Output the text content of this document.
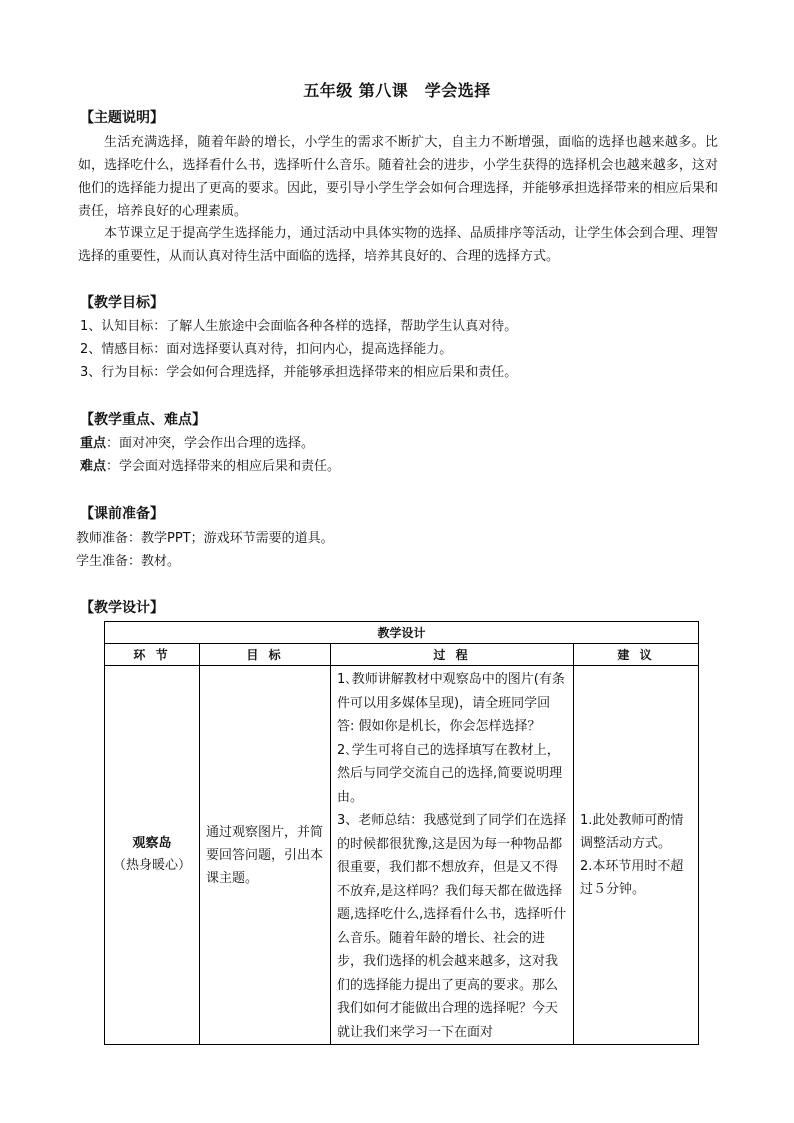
五年级 第八课　学会选择
【主题说明】
生活充满选择，随着年龄的增长，小学生的需求不断扩大，自主力不断增强，面临的选择也越来越多。比如，选择吃什么，选择看什么书，选择听什么音乐。随着社会的进步，小学生获得的选择机会也越来越多，这对他们的选择能力提出了更高的要求。因此，要引导小学生学会如何合理选择，并能够承担选择带来的相应后果和责任，培养良好的心理素质。
本节课立足于提高学生选择能力，通过活动中具体实物的选择、品质排序等活动，让学生体会到合理、理智选择的重要性，从而认真对待生活中面临的选择，培养其良好的、合理的选择方式。
【教学目标】
1、认知目标：了解人生旅途中会面临各种各样的选择，帮助学生认真对待。
2、情感目标：面对选择要认真对待，扣问内心，提高选择能力。
3、行为目标：学会如何合理选择，并能够承担选择带来的相应后果和责任。
【教学重点、难点】
重点：面对冲突，学会作出合理的选择。
难点：学会面对选择带来的相应后果和责任。
【课前准备】
教师准备：教学PPT；游戏环节需要的道具。
学生准备：教材。
【教学设计】
教学设计			
环 节	目 标	过 程	建 议

观察岛
（热身暖心）	通过观察图片，并简要回答问题，引出本课主题。	1､教师讲解教材中观察岛中的图片(有条件可以用多媒体呈现)，请全班同学回答: 假如你是机长，你会怎样选择？
2､学生可将自己的选择填写在教材上，然后与同学交流自己的选择,简要说明理由。
3、老师总结：我感觉到了同学们在选择的时候都很犹豫,这是因为每一种物品都很重要，我们都不想放弃，但是又不得不放弃,是这样吗？我们每天都在做选择题,选择吃什么,选择看什么书，选择听什么音乐。随着年龄的增长、社会的进步，我们选择的机会越来越多，这对我们的选择能力提出了更高的要求。那么我们如何才能做出合理的选择呢？今天就让我们来学习一下在面对	1.此处教师可酌情调整活动方式。
2.本环节用时不超过５分钟。
